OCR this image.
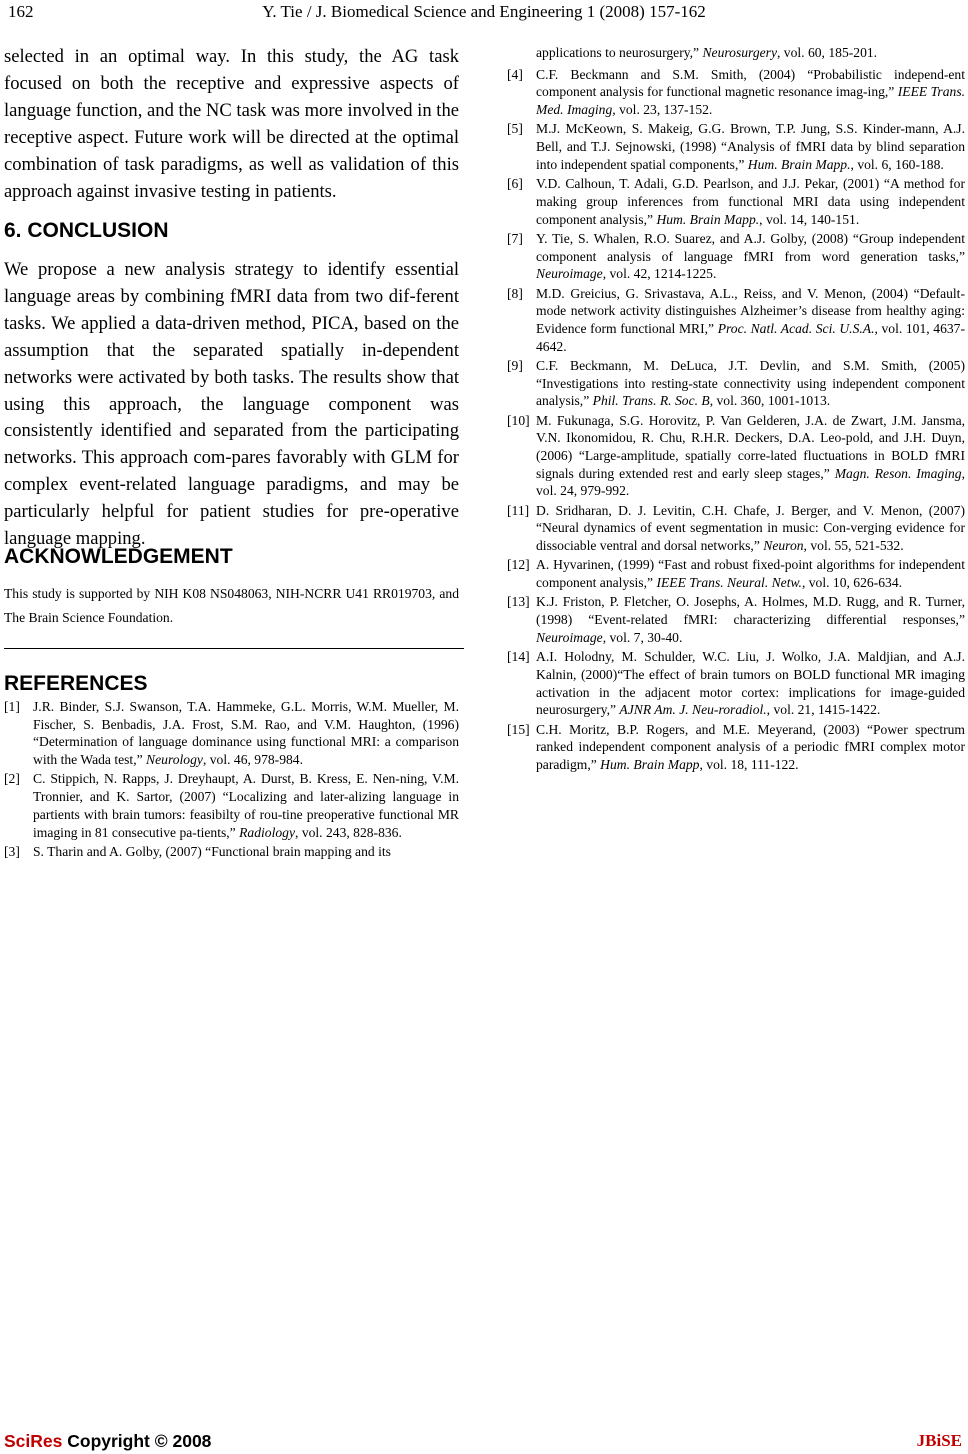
162	Y. Tie / J. Biomedical Science and Engineering 1 (2008) 157-162

selected in an optimal way. In this study, the AG task focused on both the receptive and expressive aspects of language function, and the NC task was more involved in the receptive aspect. Future work will be directed at the optimal combination of task paradigms, as well as validation of this approach against invasive testing in patients.

6. CONCLUSION

We propose a new analysis strategy to identify essential language areas by combining fMRI data from two dif-ferent tasks. We applied a data-driven method, PICA, based on the assumption that the separated spatially in-dependent networks were activated by both tasks. The results show that using this approach, the language component was consistently identified and separated from the participating networks. This approach com-pares favorably with GLM for complex event-related language paradigms, and may be particularly helpful for patient studies for pre-operative language mapping.

ACKNOWLEDGEMENT

This study is supported by NIH K08 NS048063, NIH-NCRR U41 RR019703, and The Brain Science Foundation.

REFERENCES
[1] J.R. Binder, S.J. Swanson, T.A. Hammeke, G.L. Morris, W.M. Mueller, M. Fischer, S. Benbadis, J.A. Frost, S.M. Rao, and V.M. Haughton, (1996) “Determination of language dominance using functional MRI: a comparison with the Wada test,” Neurology, vol. 46, 978-984.
[2] C. Stippich, N. Rapps, J. Dreyhaupt, A. Durst, B. Kress, E. Nen-ning, V.M. Tronnier, and K. Sartor, (2007) “Localizing and later-alizing language in partients with brain tumors: feasibilty of rou-tine preoperative functional MR imaging in 81 consecutive pa-tients,” Radiology, vol. 243, 828-836.
[3] S. Tharin and A. Golby, (2007) “Functional brain mapping and its
applications to neurosurgery,” Neurosurgery, vol. 60, 185-201.
[4] C.F. Beckmann and S.M. Smith, (2004) “Probabilistic independ-ent component analysis for functional magnetic resonance imag-ing,” IEEE Trans. Med. Imaging, vol. 23, 137-152.
[5] M.J. McKeown, S. Makeig, G.G. Brown, T.P. Jung, S.S. Kinder-mann, A.J. Bell, and T.J. Sejnowski, (1998) “Analysis of fMRI data by blind separation into independent spatial components,” Hum. Brain Mapp., vol. 6, 160-188.
[6] V.D. Calhoun, T. Adali, G.D. Pearlson, and J.J. Pekar, (2001) “A method for making group inferences from functional MRI data using independent component analysis,” Hum. Brain Mapp., vol. 14, 140-151.
[7] Y. Tie, S. Whalen, R.O. Suarez, and A.J. Golby, (2008) “Group independent component analysis of language fMRI from word generation tasks,” Neuroimage, vol. 42, 1214-1225.
[8] M.D. Greicius, G. Srivastava, A.L., Reiss, and V. Menon, (2004) “Default-mode network activity distinguishes Alzheimer’s disease from healthy aging: Evidence form functional MRI,” Proc. Natl. Acad. Sci. U.S.A., vol. 101, 4637-4642.
[9] C.F. Beckmann, M. DeLuca, J.T. Devlin, and S.M. Smith, (2005) “Investigations into resting-state connectivity using independent component analysis,” Phil. Trans. R. Soc. B, vol. 360, 1001-1013.
[10] M. Fukunaga, S.G. Horovitz, P. Van Gelderen, J.A. de Zwart, J.M. Jansma, V.N. Ikonomidou, R. Chu, R.H.R. Deckers, D.A. Leo-pold, and J.H. Duyn, (2006) “Large-amplitude, spatially corre-lated fluctuations in BOLD fMRI signals during extended rest and early sleep stages,” Magn. Reson. Imaging, vol. 24, 979-992.
[11] D. Sridharan, D. J. Levitin, C.H. Chafe, J. Berger, and V. Menon, (2007) “Neural dynamics of event segmentation in music: Con-verging evidence for dissociable ventral and dorsal networks,” Neuron, vol. 55, 521-532.
[12] A. Hyvarinen, (1999) “Fast and robust fixed-point algorithms for independent component analysis,” IEEE Trans. Neural. Netw., vol. 10, 626-634.
[13] K.J. Friston, P. Fletcher, O. Josephs, A. Holmes, M.D. Rugg, and R. Turner, (1998) “Event-related fMRI: characterizing differential responses,” Neuroimage, vol. 7, 30-40.
[14] A.I. Holodny, M. Schulder, W.C. Liu, J. Wolko, J.A. Maldjian, and A.J. Kalnin, (2000)“The effect of brain tumors on BOLD functional MR imaging activation in the adjacent motor cortex: implications for image-guided neurosurgery,” AJNR Am. J. Neu-roradiol., vol. 21, 1415-1422.
[15] C.H. Moritz, B.P. Rogers, and M.E. Meyerand, (2003) “Power spectrum ranked independent component analysis of a periodic fMRI complex motor paradigm,” Hum. Brain Mapp, vol. 18, 111-122.
SciRes Copyright © 2008	JBiSE
